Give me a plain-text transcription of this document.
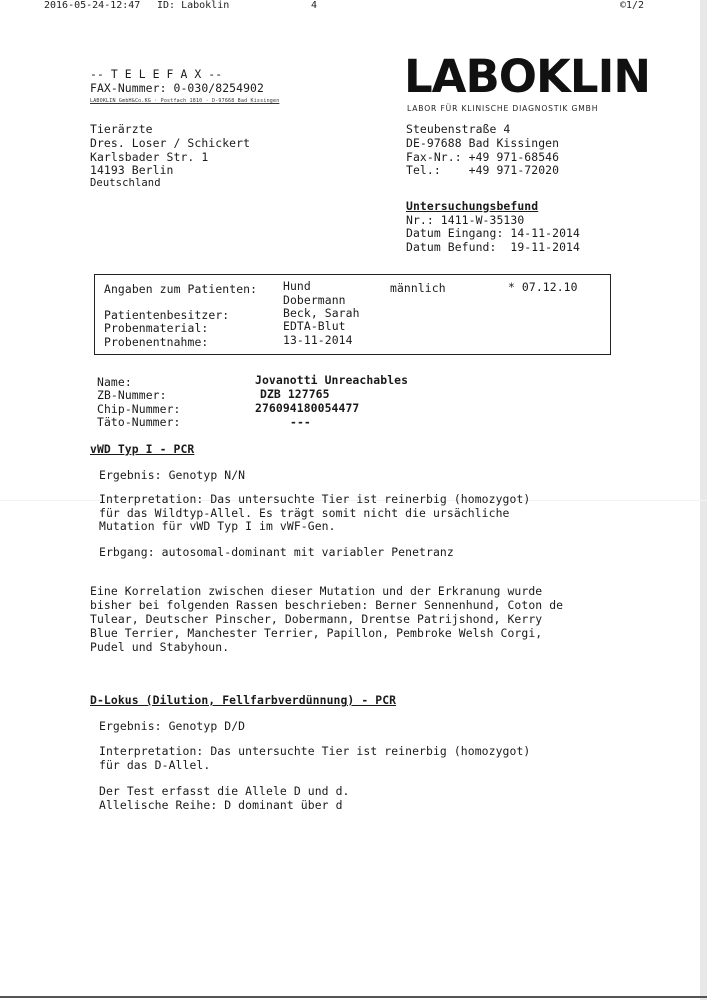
2016-05-24-12:47 ID: Laboklin	4	©1/2
-- T E L E F A X --
FAX-Nummer: 0-030/8254902
LABOKLIN GmbH&Co.KG · Postfach 1810 · D-97668 Bad Kissingen	LABOKLIN
LABOR FÜR KLINISCHE DIAGNOSTIK GMBH
Tierärzte
Dres. Loser / Schickert
Karlsbader Str. 1
14193 Berlin
Deutschland
Steubenstraße 4
DE-97688 Bad Kissingen
Fax-Nr.: +49 971-68546
Tel.:    +49 971-72020
Untersuchungsbefund
Nr.: 1411-W-35130
Datum Eingang: 14-11-2014
Datum Befund:  19-11-2014
Angaben zum Patienten: Hund	männlich	* 07.12.10
Dobermann
Patientenbesitzer:	Beck, Sarah
Probenmaterial:	EDTA-Blut
Probenentnahme:	13-11-2014
Name:	Jovanotti Unreachables
ZB-Nummer:	DZB 127765
Chip-Nummer:	276094180054477
Täto-Nummer:	---
vWD Typ I - PCR
Ergebnis: Genotyp N/N
Interpretation: Das untersuchte Tier ist reinerbig (homozygot)
für das Wildtyp-Allel. Es trägt somit nicht die ursächliche
Mutation für vWD Typ I im vWF-Gen.
Erbgang: autosomal-dominant mit variabler Penetranz
Eine Korrelation zwischen dieser Mutation und der Erkranung wurde
bisher bei folgenden Rassen beschrieben: Berner Sennenhund, Coton de
Tulear, Deutscher Pinscher, Dobermann, Drentse Patrijshond, Kerry
Blue Terrier, Manchester Terrier, Papillon, Pembroke Welsh Corgi,
Pudel und Stabyhoun.
D-Lokus (Dilution, Fellfarbverdünnung) - PCR
Ergebnis: Genotyp D/D
Interpretation: Das untersuchte Tier ist reinerbig (homozygot)
für das D-Allel.
Der Test erfasst die Allele D und d.
Allelische Reihe: D dominant über d
